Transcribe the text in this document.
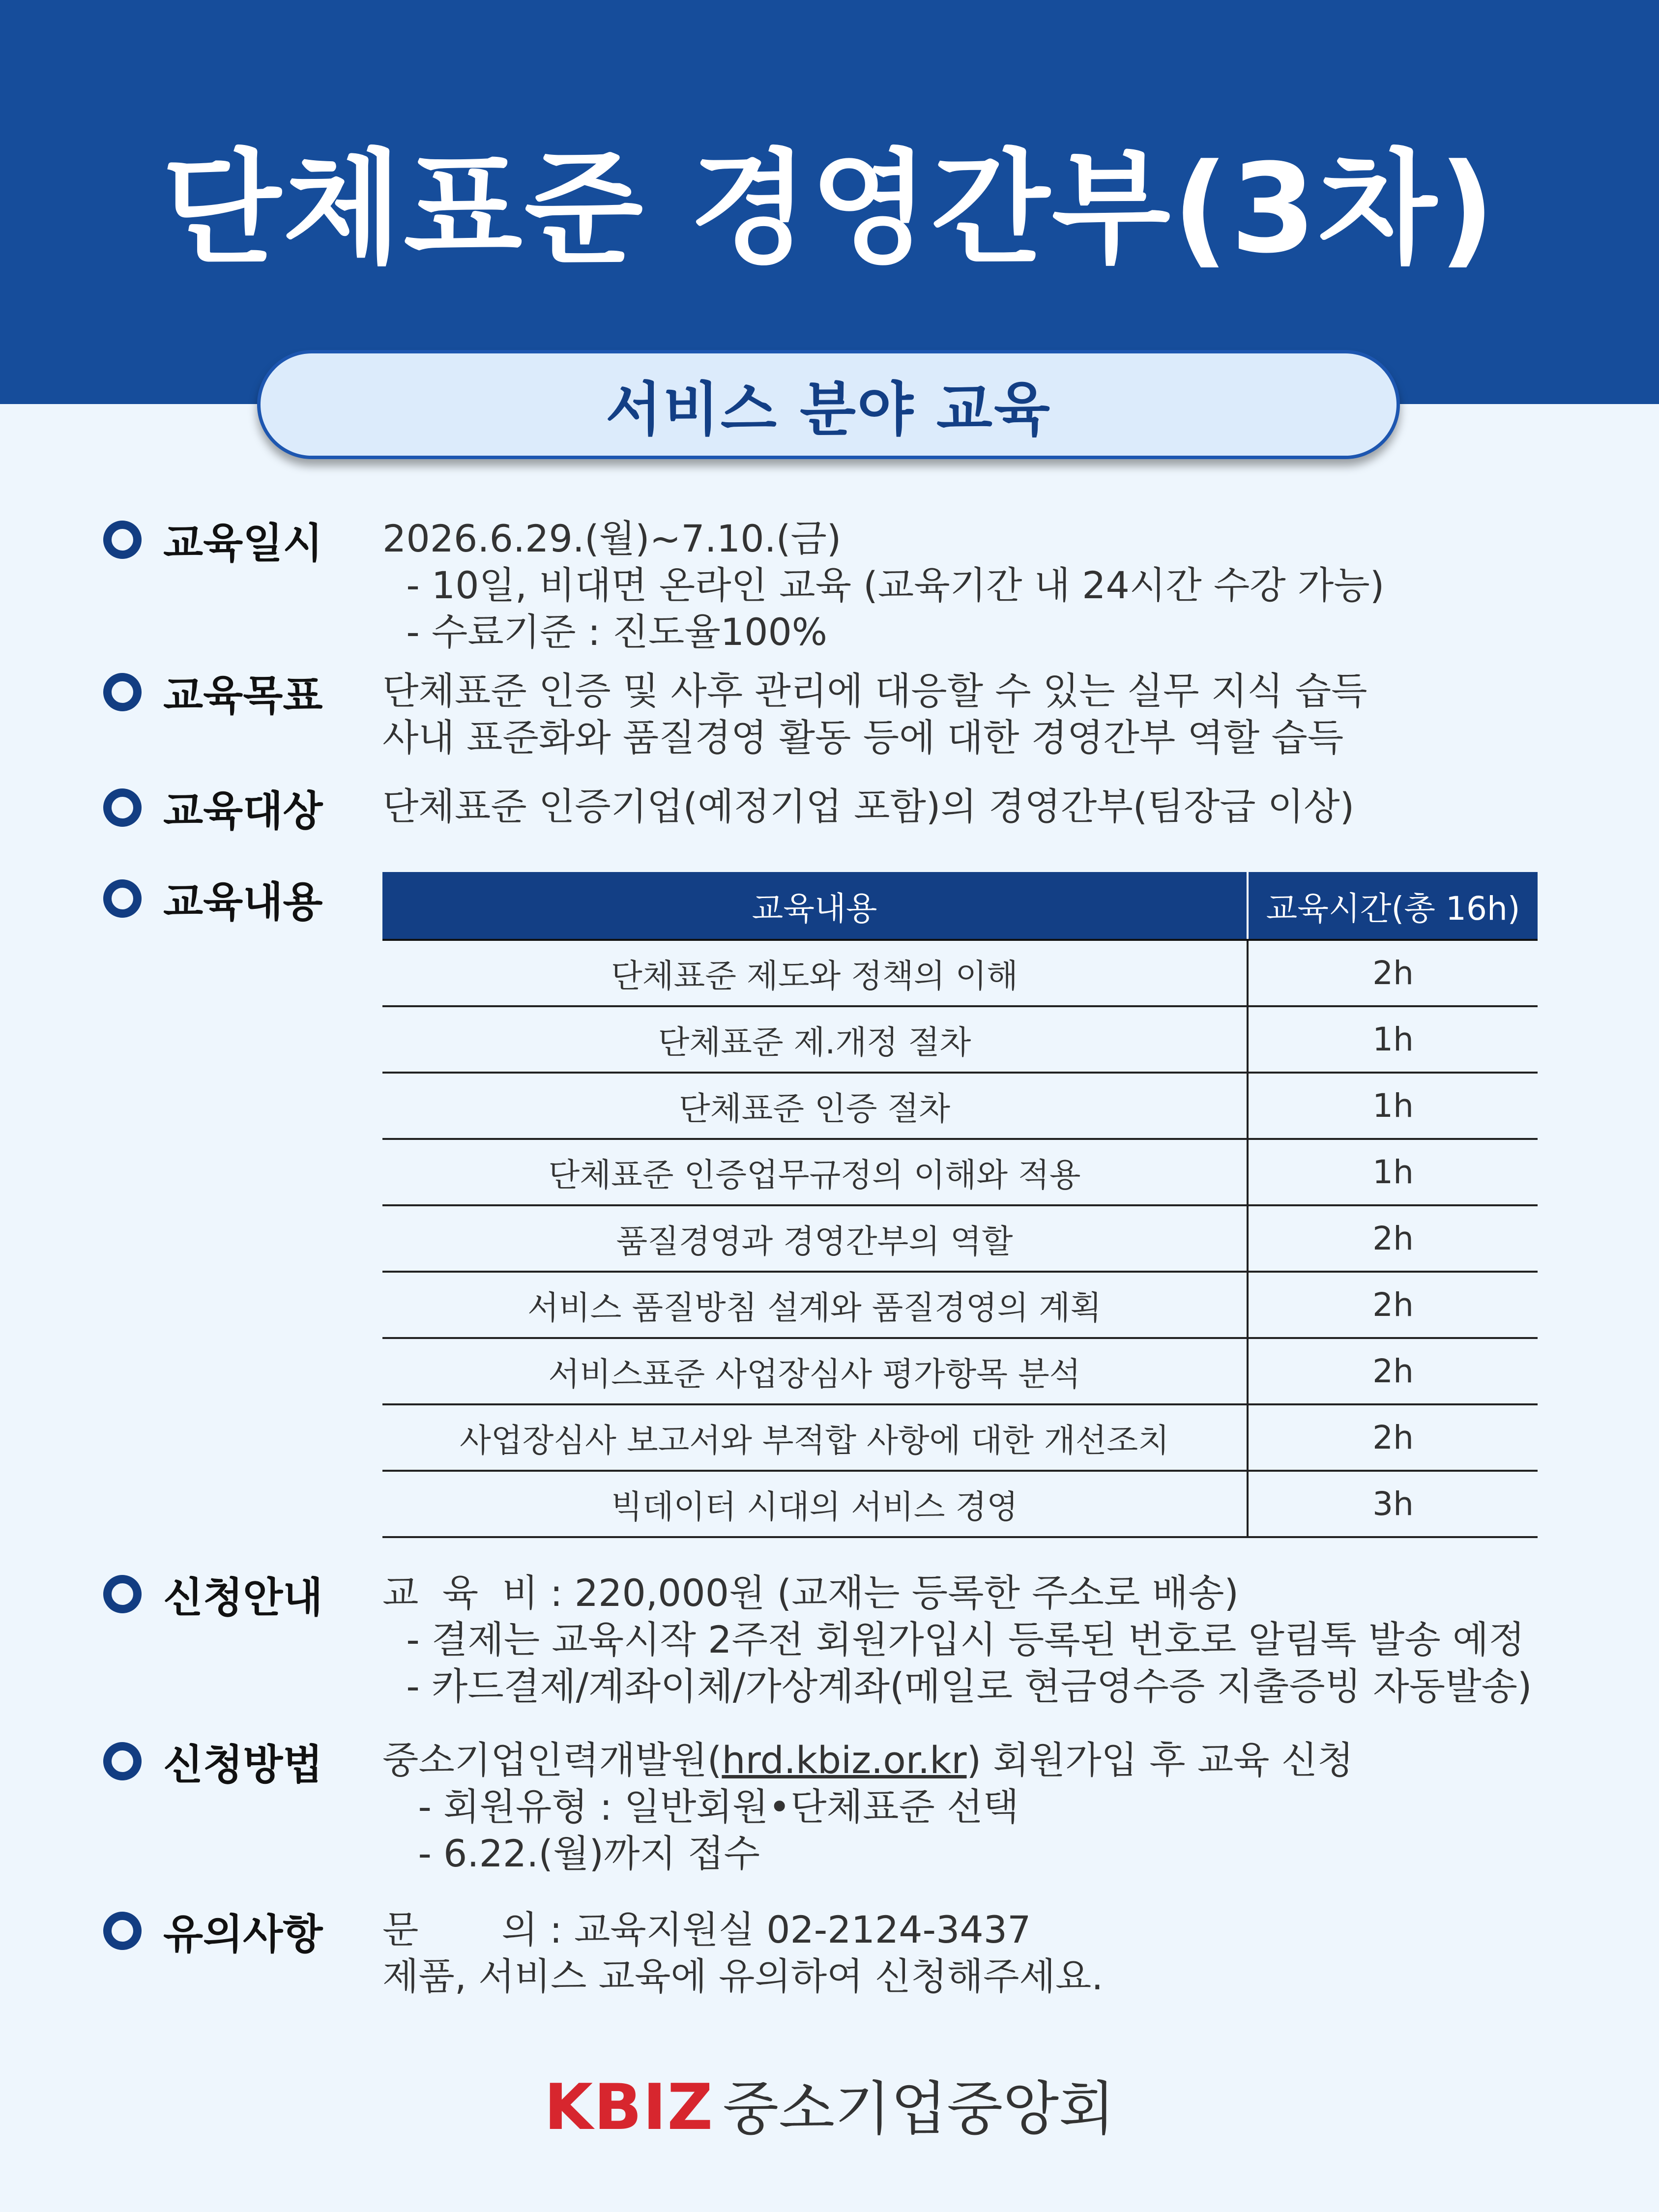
단체표준 경영간부(3차)
서비스 분야 교육
교육일시 2026.6.29.(월)~7.10.(금)
- 10일, 비대면 온라인 교육 (교육기간 내 24시간 수강 가능)
- 수료기준 : 진도율100%
교육목표 단체표준 인증 및 사후 관리에 대응할 수 있는 실무 지식 습득
사내 표준화와 품질경영 활동 등에 대한 경영간부 역할 습득
교육대상 단체표준 인증기업(예정기업 포함)의 경영간부(팀장급 이상)
교육내용	교육내용	교육시간(총 16h)
단체표준 제도와 정책의 이해	2h
단체표준 제.개정 절차	1h
단체표준 인증 절차	1h
단체표준 인증업무규정의 이해와 적용	1h
품질경영과 경영간부의 역할	2h
서비스 품질방침 설계와 품질경영의 계획	2h
서비스표준 사업장심사 평가항목 분석	2h
사업장심사 보고서와 부적합 사항에 대한 개선조치	2h
빅데이터 시대의 서비스 경영	3h
신청안내 교  육  비 : 220,000원 (교재는 등록한 주소로 배송)
- 결제는 교육시작 2주전 회원가입시 등록된 번호로 알림톡 발송 예정
- 카드결제/계좌이체/가상계좌(메일로 현금영수증 지출증빙 자동발송)
신청방법 중소기업인력개발원(hrd.kbiz.or.kr) 회원가입 후 교육 신청
- 회원유형 : 일반회원•단체표준 선택
- 6.22.(월)까지 접수
유의사항 문       의 : 교육지원실 02-2124-3437
제품, 서비스 교육에 유의하여 신청해주세요.
KBIZ 중소기업중앙회
